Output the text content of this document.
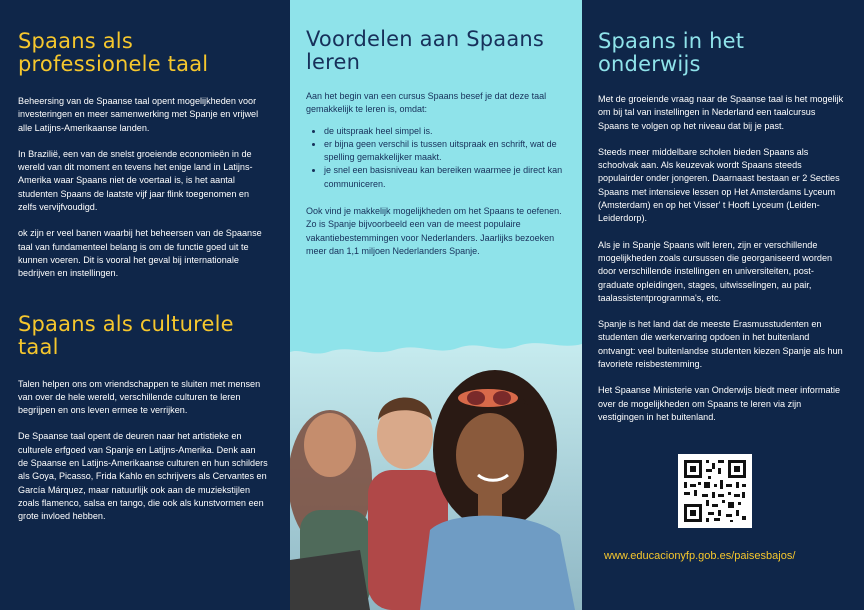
Spaans als professionele taal

Beheersing van de Spaanse taal opent mogelijkheden voor investeringen en meer samenwerking met Spanje en vrijwel alle Latijns-Amerikaanse landen.

In Brazilië, een van de snelst groeiende economieën in de wereld van dit moment en tevens het enige land in Latijns- Amerika waar Spaans niet de voertaal is, is het aantal studenten Spaans de laatste vijf jaar flink toegenomen en zelfs verviјfvoudigd.

ok zijn er veel banen waarbij het beheersen van de Spaanse taal van fundamenteel belang is om de functie goed uit te kunnen voeren. Dit is vooral het geval bij internationale bedrijven en instellingen.

Spaans als culturele taal

Talen helpen ons om vriendschappen te sluiten met mensen van over de hele wereld, verschillende culturen te leren begrijpen en ons leven ermee te verrijken.

De Spaanse taal opent de deuren naar het artistieke en culturele erfgoed van Spanje en Latijns-Amerika. Denk aan de Spaanse en Latijns-Amerikaanse culturen en hun schilders als Goya, Picasso, Frida Kahlo en schrijvers als Cervantes en García Márquez, maar natuurlijk ook aan de muziekstijlen zoals flamenco, salsa en tango, die ook als kunstvormen een grote invloed hebben.

Voordelen aan Spaans leren

Aan het begin van een cursus Spaans besef je dat deze taal gemakkelijk te leren is, omdat:

• de uitspraak heel simpel is.
• er bijna geen verschil is tussen uitspraak en schrift, wat de spelling gemakkelijker maakt.
• je snel een basisniveau kan bereiken waarmee je direct kan communiceren.

Ook vind je makkelijk mogelijkheden om het Spaans te oefenen. Zo is Spanje bijvoorbeeld een van de meest populaire vakantiebestemmingen voor Nederlanders. Jaarlijks bezoeken meer dan 1,1 miljoen Nederlanders Spanje.

Spaans in het onderwijs

Met de groeiende vraag naar de Spaanse taal is het mogelijk om bij tal van instellingen in Nederland een taalcursus Spaans te volgen op het niveau dat bij je past.

Steeds meer middelbare scholen bieden Spaans als schoolvak aan. Als keuzevak wordt Spaans steeds populairder onder jongeren. Daarnaast bestaan er 2 Secties Spaans met intensieve lessen op Het Amsterdams Lyceum (Amsterdam) en op het Visser' t Hooft Lyceum (Leiden-Leiderdorp).

Als je in Spanje Spaans wilt leren, zijn er verschillende mogelijkheden zoals cursussen die georganiseerd worden door verschillende instellingen en universiteiten, post-graduate opleidingen, stages, uitwisselingen, au pair, taalassistentprogramma's, etc.

Spanje is het land dat de meeste Erasmusstudenten en studenten die werkervaring opdoen in het buitenland ontvangt: veel buitenlandse studenten kiezen Spanje als hun favoriete reisbestemming.

Het Spaanse Ministerie van Onderwijs biedt meer informatie over de mogelijkheden om Spaans te leren via zijn vestigingen in het buitenland.

www.educacionyfp.gob.es/paisesbajos/
